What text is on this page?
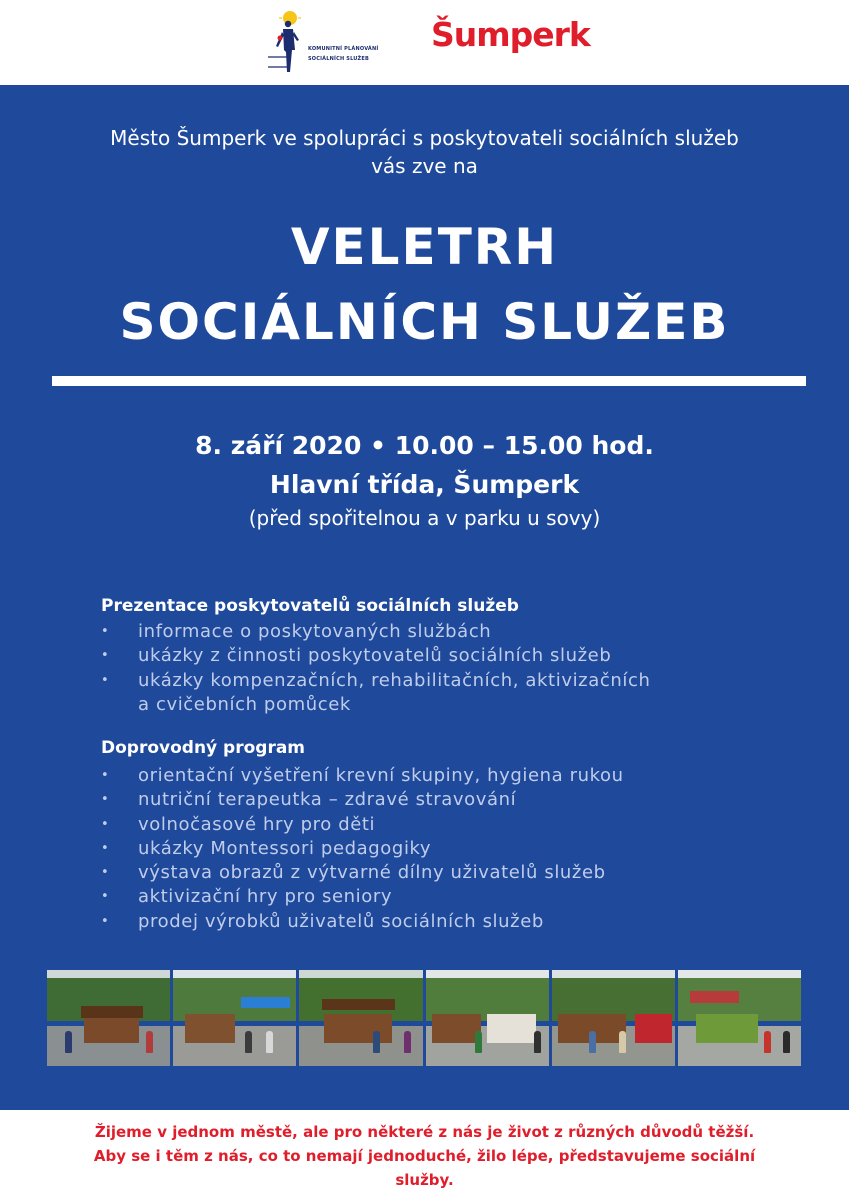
KOMUNITNÍ PLÁNOVÁNÍ
SOCIÁLNÍCH SLUŽEB
Šumperk

Město Šumperk ve spolupráci s poskytovateli sociálních služeb

vás zve na

VELETRH
SOCIÁLNÍCH SLUŽEB

8. září 2020 • 10.00 – 15.00 hod.

Hlavní třída, Šumperk

(před spořitelnou a v parku u sovy)

Prezentace poskytovatelů sociálních služeb
• informace o poskytovaných službách
• ukázky z činnosti poskytovatelů sociálních služeb
• ukázky kompenzačních, rehabilitačních, aktivizačních
a cvičebních pomůcek
Doprovodný program
• orientační vyšetření krevní skupiny, hygiena rukou
• nutriční terapeutka – zdravé stravování
• volnočasové hry pro děti
• ukázky Montessori pedagogiky
• výstava obrazů z výtvarné dílny uživatelů služeb
• aktivizační hry pro seniory
• prodej výrobků uživatelů sociálních služeb

Žijeme v jednom městě, ale pro některé z nás je život z různých důvodů těžší.

Aby se i těm z nás, co to nemají jednoduché, žilo lépe, představujeme sociální

služby.
